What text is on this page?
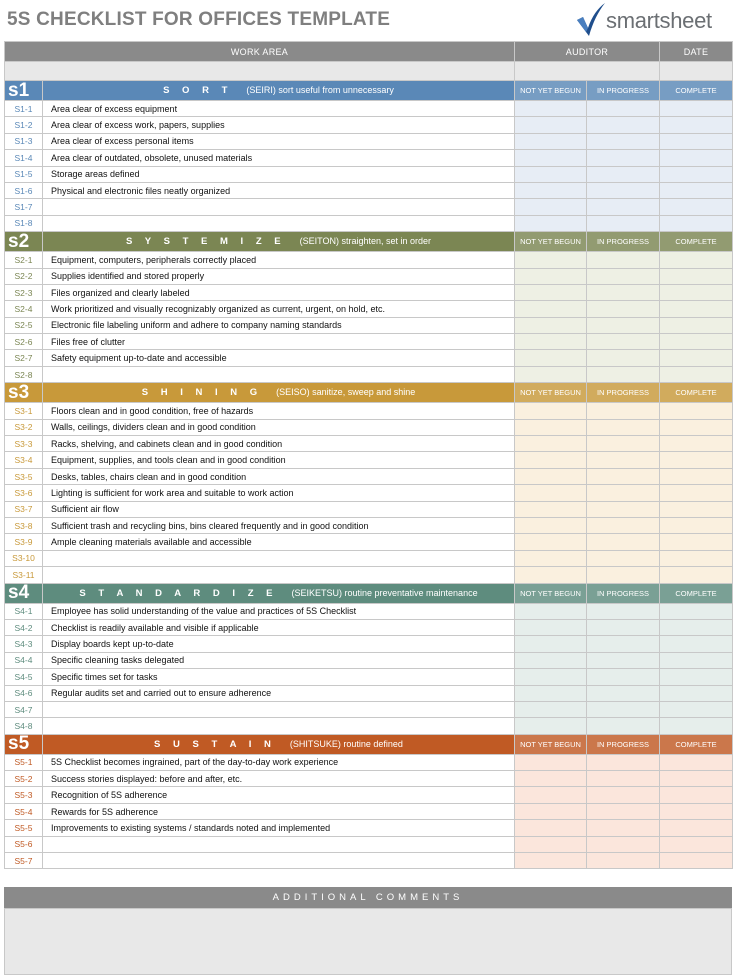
5S CHECKLIST FOR OFFICES TEMPLATE	smartsheet
WORK AREA		AUDITOR		DATE

s1	S O R T (SEIRI) sort useful from unnecessary	NOT YET BEGUN	IN PROGRESS	COMPLETE
S1-1	Area clear of excess equipment			
S1-2	Area clear of excess work, papers, supplies			
S1-3	Area clear of excess personal items			
S1-4	Area clear of outdated, obsolete, unused materials			
S1-5	Storage areas defined			
S1-6	Physical and electronic files neatly organized			
S1-7				
S1-8				
s2	S Y S T E M I Z E (SEITON) straighten, set in order	NOT YET BEGUN	IN PROGRESS	COMPLETE
S2-1	Equipment, computers, peripherals correctly placed			
S2-2	Supplies identified and stored properly			
S2-3	Files organized and clearly labeled			
S2-4	Work prioritized and visually recognizably organized as current, urgent, on hold, etc.			
S2-5	Electronic file labeling uniform and adhere to company naming standards			
S2-6	Files free of clutter			
S2-7	Safety equipment up-to-date and accessible			
S2-8				
s3	S H I N I N G (SEISO) sanitize, sweep and shine	NOT YET BEGUN	IN PROGRESS	COMPLETE
S3-1	Floors clean and in good condition, free of hazards			
S3-2	Walls, ceilings, dividers clean and in good condition			
S3-3	Racks, shelving, and cabinets clean and in good condition			
S3-4	Equipment, supplies, and tools clean and in good condition			
S3-5	Desks, tables, chairs clean and in good condition			
S3-6	Lighting is sufficient for work area and suitable to work action			
S3-7	Sufficient air flow			
S3-8	Sufficient trash and recycling bins, bins cleared frequently and in good condition			
S3-9	Ample cleaning materials available and accessible			
S3-10				
S3-11				
s4	S T A N D A R D I Z E (SEIKETSU) routine preventative maintenance	NOT YET BEGUN	IN PROGRESS	COMPLETE
S4-1	Employee has solid understanding of the value and practices of 5S Checklist			
S4-2	Checklist is readily available and visible if applicable			
S4-3	Display boards kept up-to-date			
S4-4	Specific cleaning tasks delegated			
S4-5	Specific times set for tasks			
S4-6	Regular audits set and carried out to ensure adherence			
S4-7				
S4-8				
s5	S U S T A I N (SHITSUKE) routine defined	NOT YET BEGUN	IN PROGRESS	COMPLETE
S5-1	5S Checklist becomes ingrained, part of the day-to-day work experience			
S5-2	Success stories displayed: before and after, etc.			
S5-3	Recognition of 5S adherence			
S5-4	Rewards for 5S adherence			
S5-5	Improvements to existing systems / standards noted and implemented			
S5-6				
S5-7				
ADDITIONAL COMMENTS
